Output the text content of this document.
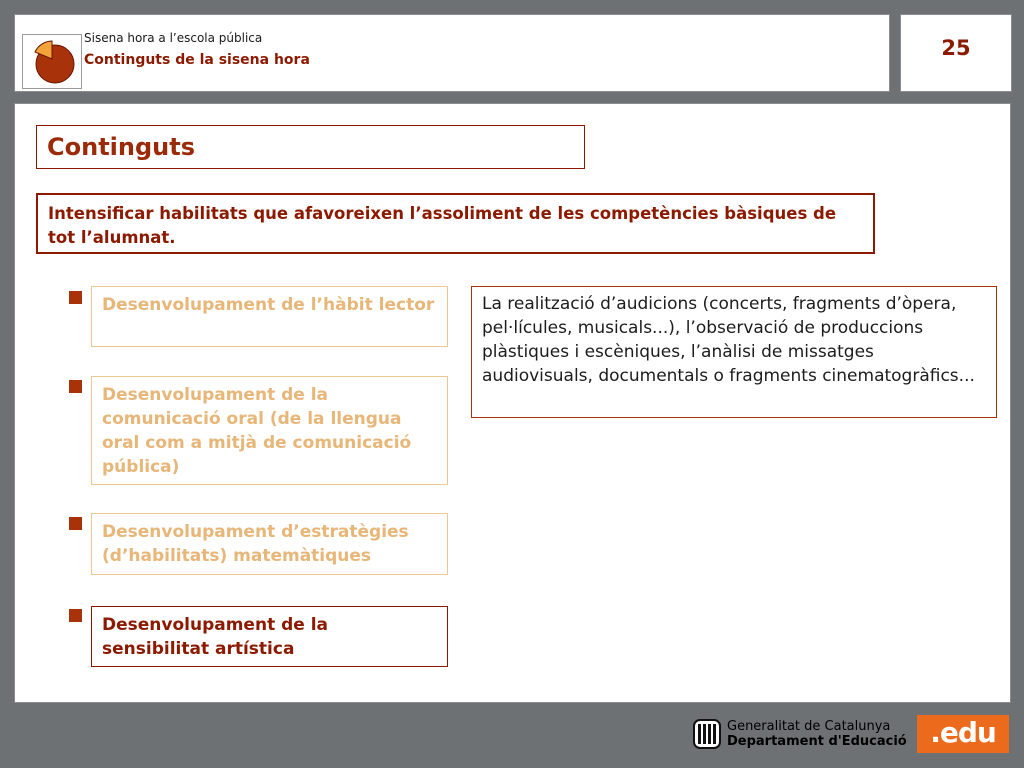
Sisena hora a l’escola pública
Continguts de la sisena hora	25
Continguts

Intensificar habilitats que afavoreixen l’assoliment de les competències bàsiques de tot l’alumnat.

Desenvolupament de l’hàbit lector

Desenvolupament de la comunicació oral (de la llengua oral com a mitjà de comunicació pública)

Desenvolupament d’estratègies (d’habilitats) matemàtiques

Desenvolupament de la sensibilitat artística

La realització d’audicions (concerts, fragments d’òpera, pel·lícules, musicals...), l’observació de produccions plàstiques i escèniques, l’anàlisi de missatges audiovisuals, documentals o fragments cinematogràfics...

Generalitat de Catalunya
Departament d'Educació .edu
